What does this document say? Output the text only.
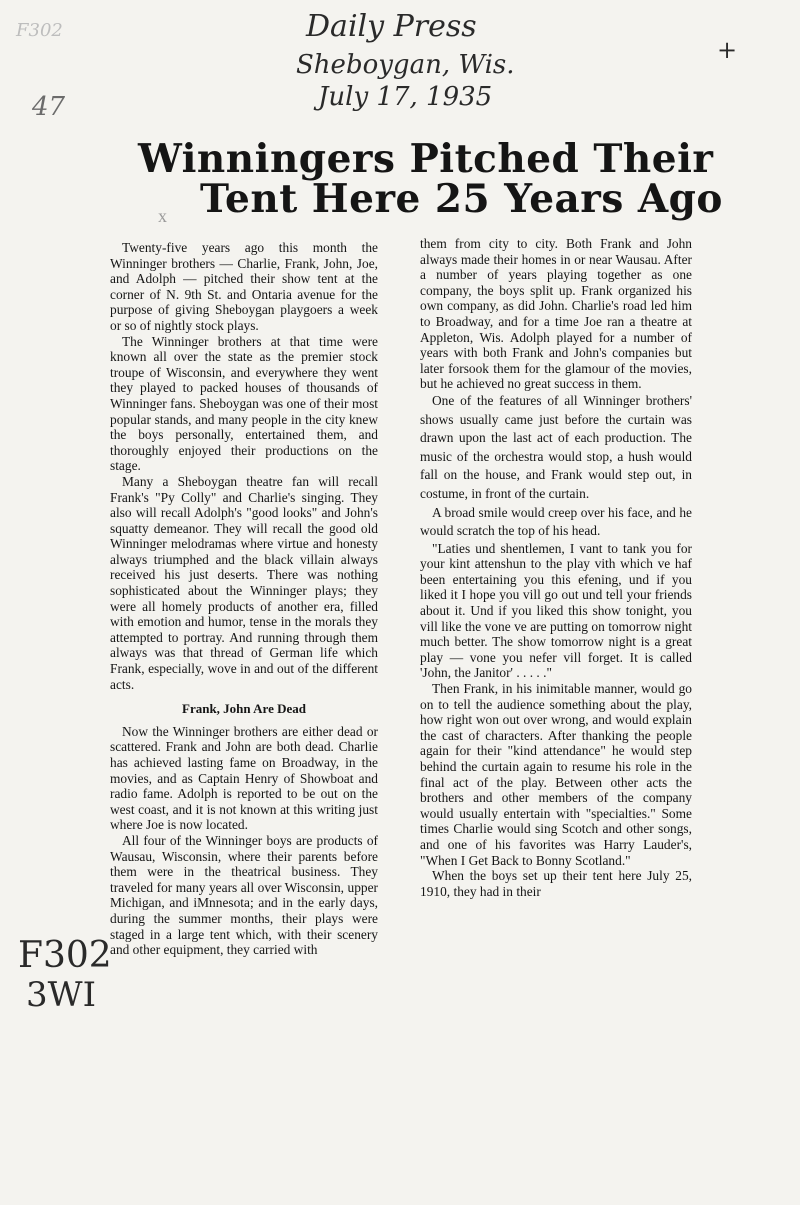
Daily Press
Sheboygan, Wis.
July 17, 1935
+
F302
47
F302
3WI
x
Winningers Pitched Their
Tent Here 25 Years Ago

Twenty-five years ago this month the Winninger brothers — Charlie, Frank, John, Joe, and Adolph — pitched their show tent at the corner of N. 9th St. and Ontaria avenue for the purpose of giving Sheboygan playgoers a week or so of nightly stock plays.

The Winninger brothers at that time were known all over the state as the premier stock troupe of Wisconsin, and everywhere they went they played to packed houses of thousands of Winninger fans. Sheboygan was one of their most popular stands, and many people in the city knew the boys personally, entertained them, and thoroughly enjoyed their productions on the stage.

Many a Sheboygan theatre fan will recall Frank's "Py Colly" and Charlie's singing. They also will recall Adolph's "good looks" and John's squatty demeanor. They will recall the good old Winninger melodramas where virtue and honesty always triumphed and the black villain always received his just deserts. There was nothing sophisticated about the Winninger plays; they were all homely products of another era, filled with emotion and humor, tense in the morals they attempted to portray. And running through them always was that thread of German life which Frank, especially, wove in and out of the different acts.

Frank, John Are Dead

Now the Winninger brothers are either dead or scattered. Frank and John are both dead. Charlie has achieved lasting fame on Broadway, in the movies, and as Captain Henry of Showboat and radio fame. Adolph is reported to be out on the west coast, and it is not known at this writing just where Joe is now located.

All four of the Winninger boys are products of Wausau, Wisconsin, where their parents before them were in the theatrical business. They traveled for many years all over Wisconsin, upper Michigan, and iMnnesota; and in the early days, during the summer months, their plays were staged in a large tent which, with their scenery and other equipment, they carried with

them from city to city. Both Frank and John always made their homes in or near Wausau. After a number of years playing together as one company, the boys split up. Frank organized his own company, as did John. Charlie's road led him to Broadway, and for a time Joe ran a theatre at Appleton, Wis. Adolph played for a number of years with both Frank and John's companies but later forsook them for the glamour of the movies, but he achieved no great success in them.

One of the features of all Winninger brothers' shows usually came just before the curtain was drawn upon the last act of each production. The music of the orchestra would stop, a hush would fall on the house, and Frank would step out, in costume, in front of the curtain.

A broad smile would creep over his face, and he would scratch the top of his head.

"Laties und shentlemen, I vant to tank you for your kint attenshun to the play vith which ve haf been entertaining you this efening, und if you liked it I hope you vill go out und tell your friends about it. Und if you liked this show tonight, you vill like the vone ve are putting on tomorrow night much better. The show tomorrow night is a great play — vone you nefer vill forget. It is called 'John, the Janitor' . . . . ."

Then Frank, in his inimitable manner, would go on to tell the audience something about the play, how right won out over wrong, and would explain the cast of characters. After thanking the people again for their "kind attendance" he would step behind the curtain again to resume his role in the final act of the play. Between other acts the brothers and other members of the company would usually entertain with "specialties." Some times Charlie would sing Scotch and other songs, and one of his favorites was Harry Lauder's, "When I Get Back to Bonny Scotland."

When the boys set up their tent here July 25, 1910, they had in their
